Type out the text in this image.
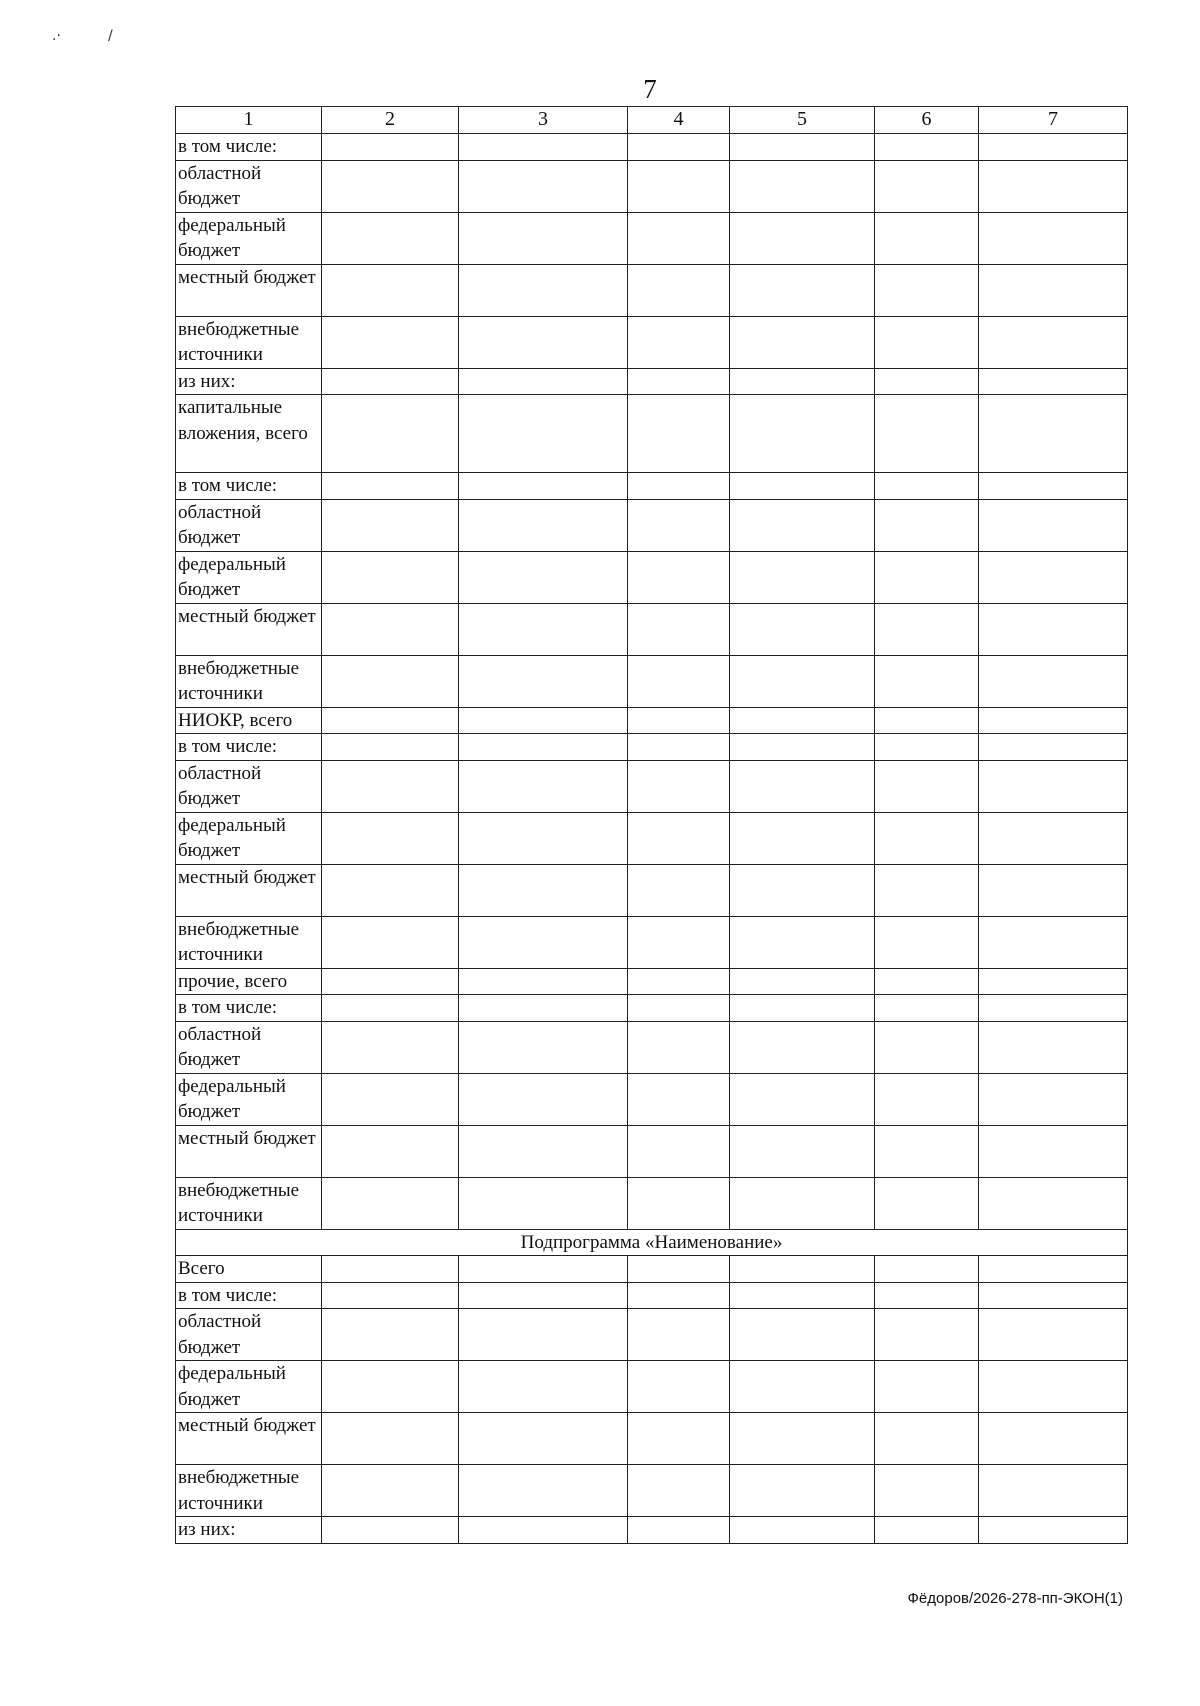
7
1	2	3	4	5	6	7
в том числе:						
областной бюджет						
федеральный бюджет						
местный бюджет						
внебюджетные источники						
из них:						
капитальные вложения, всего						
в том числе:						
областной бюджет						
федеральный бюджет						
местный бюджет						
внебюджетные источники						
НИОКР, всего						
в том числе:						
областной бюджет						
федеральный бюджет						
местный бюджет						
внебюджетные источники						
прочие, всего						
в том числе:						
областной бюджет						
федеральный бюджет						
местный бюджет						
внебюджетные источники						
Подпрограмма «Наименование»						
Всего						
в том числе:						
областной бюджет						
федеральный бюджет						
местный бюджет						
внебюджетные источники						
из них:						
Фёдоров/2026-278-пп-ЭКОН(1)
.·	/
